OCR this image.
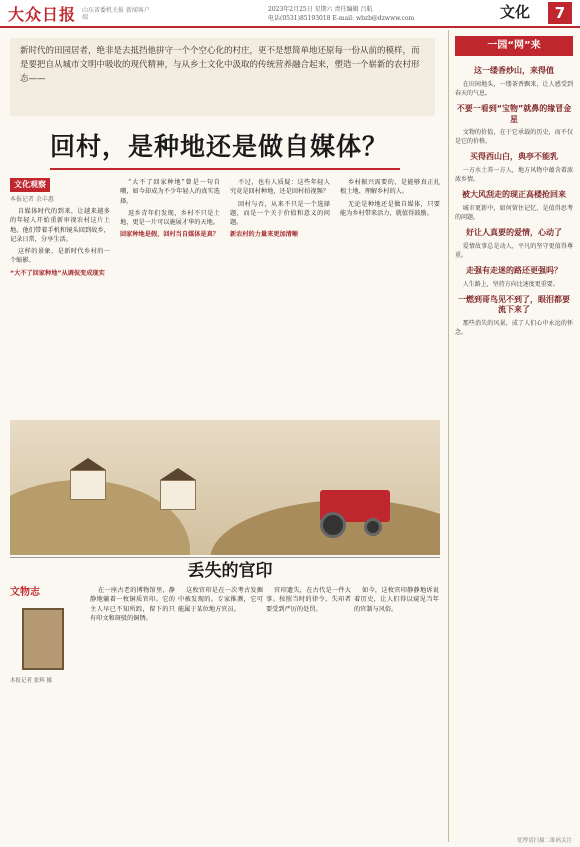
大众日报 山东省委机关报 新闻客户端
2023年2月25日 星期六 责任编辑 吕航
电话(0531)85193018 E-mail: wbzb@dzwww.com	文化	7
新时代的田园居者，绝非是去抵挡他拼守一个个空心化的村庄，更不是想简单地还原每一份从前的模样，而是要把自从城市文明中吸收的现代精神，与从乡土文化中汲取的传统营养融合起来，塑造一个崭新的农村形态——
回村，是种地还是做自媒体？
文化观察
本报记者 余丰惠

自媒体时代的到来，让越来越多的年轻人开始重新审视农村这片土地。他们带着手机和镜头回到故乡，记录日常，分享生活。

这样的景象，是新时代乡村的一个缩影。

“大不了回家种地”从调侃变成现实

“大不了回家种地”曾是一句自嘲，如今却成为不少年轻人的真实选择。

返乡青年们发现，乡村不只是土地，更是一片可以施展才华的天地。

回家种地是假，回村当自媒体是真？

不过，也有人质疑：这些年轻人究竟是回村种地，还是回村拍视频？

回村与否，从来不只是一个选择题，而是一个关于价值和意义的问题。

新农村的力量来更加清晰

乡村振兴需要的，是能够真正扎根土地、理解乡村的人。

无论是种地还是做自媒体，只要能为乡村带来活力，就值得鼓励。

丢失的官印
文物志
本报记者 张辉 摄

在一座古老的博物馆里，静静地躺着一枚铜质官印。它的主人早已不知所踪，留下的只有印文和斑驳的铜锈。

这枚官印是在一次考古发掘中被发现的。专家推测，它可能属于某位地方官员。

官印遗失，在古代是一件大事。按照当时的律令，失印者要受到严厉的处罚。

如今，这枚官印静静地诉说着历史，让人们得以窥见当年的官制与风俗。

一园“网”来
这一缕香炒山，来得值

在田间地头，一缕茶香飘来，让人感受到春天的气息。

不要一看到“宝物”就鼻的缘冒金星

文物的价值，在于它承载的历史，而不仅是它的价格。

买得西山白，典亭不能乳

一方水土养一方人，地方风物中蕴含着浓浓乡情。

被大风刮走的现正高楼抢回来

城市更新中，如何留住记忆，是值得思考的问题。

好让人真要的爱情，心动了

爱情故事总是动人，平凡的坚守更值得尊重。

走强有走迷的路还更强吗？

人生路上，坚持方向比速度更重要。

一燃到哥鸟见不到了，眼泪都要流下来了

那些消失的风景，成了人们心中永远的怀念。

优博请扫描二维码关注
